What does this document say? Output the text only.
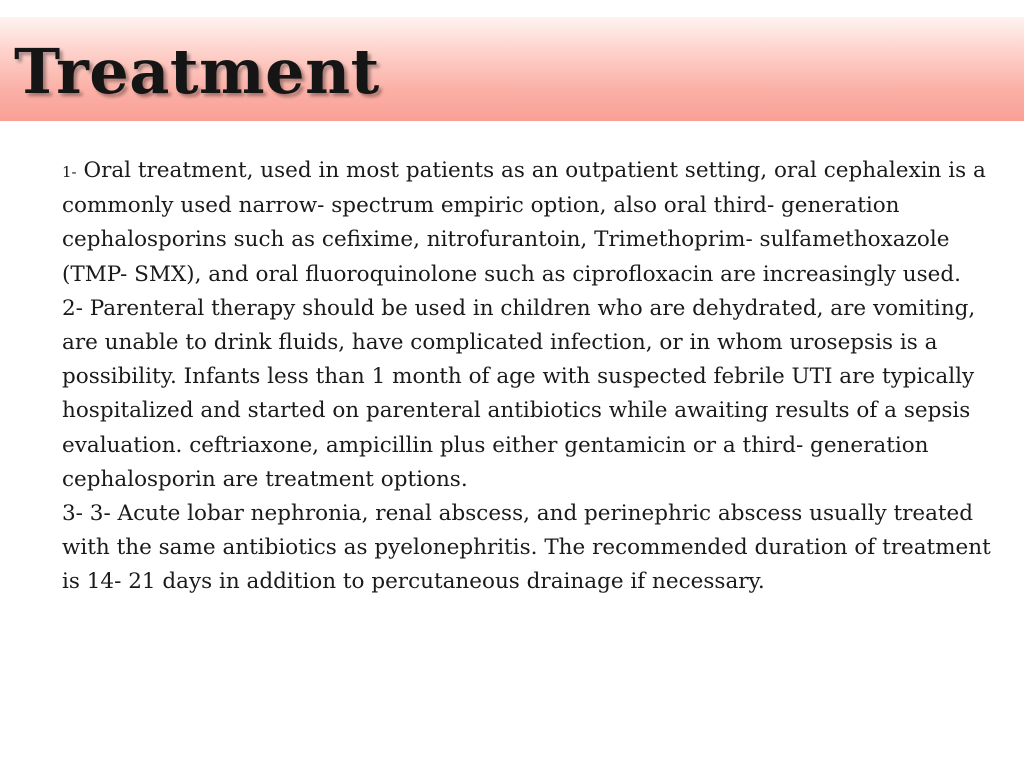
Treatment

1- Oral treatment, used in most patients as an outpatient setting, oral cephalexin is a commonly used narrow- spectrum empiric option, also oral third- generation cephalosporins such as cefixime, nitrofurantoin, Trimethoprim- sulfamethoxazole (TMP- SMX), and oral fluoroquinolone such as ciprofloxacin are increasingly used.

2- Parenteral therapy should be used in children who are dehydrated, are vomiting, are unable to drink fluids, have complicated infection, or in whom urosepsis is a possibility. Infants less than 1 month of age with suspected febrile UTI are typically hospitalized and started on parenteral antibiotics while awaiting results of a sepsis evaluation. ceftriaxone, ampicillin plus either gentamicin or a third- generation cephalosporin are treatment options.

3- 3- Acute lobar nephronia, renal abscess, and perinephric abscess usually treated with the same antibiotics as pyelonephritis. The recommended duration of treatment is 14- 21 days in addition to percutaneous drainage if necessary.
